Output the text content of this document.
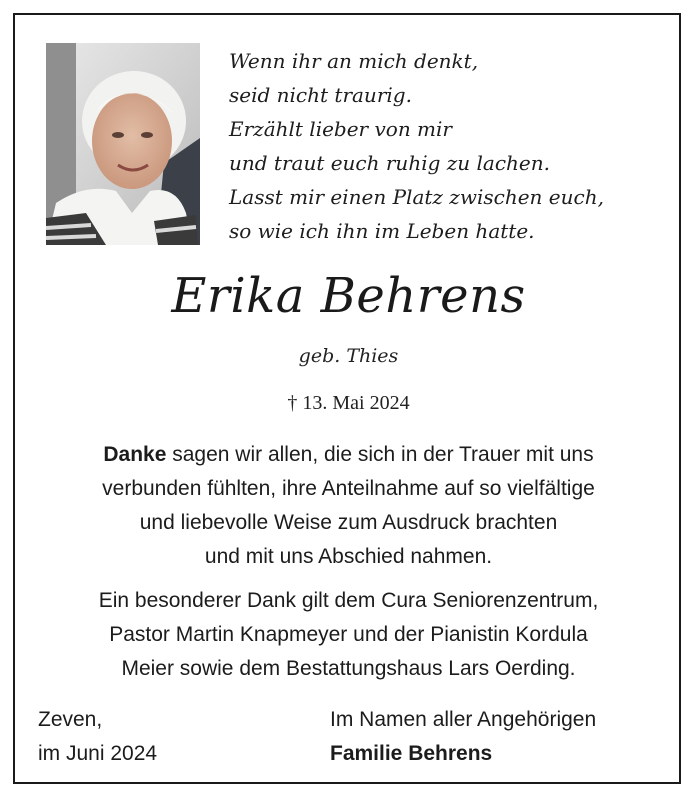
Wenn ihr an mich denkt,
seid nicht traurig.
Erzählt lieber von mir
und traut euch ruhig zu lachen.
Lasst mir einen Platz zwischen euch,
so wie ich ihn im Leben hatte.
Erika Behrens
geb. Thies
† 13. Mai 2024
Danke sagen wir allen, die sich in der Trauer mit uns
verbunden fühlten, ihre Anteilnahme auf so vielfältige
und liebevolle Weise zum Ausdruck brachten
und mit uns Abschied nahmen.
Ein besonderer Dank gilt dem Cura Seniorenzentrum,
Pastor Martin Knapmeyer und der Pianistin Kordula
Meier sowie dem Bestattungshaus Lars Oerding.
Zeven,
im Juni 2024
Im Namen aller Angehörigen
Familie Behrens
